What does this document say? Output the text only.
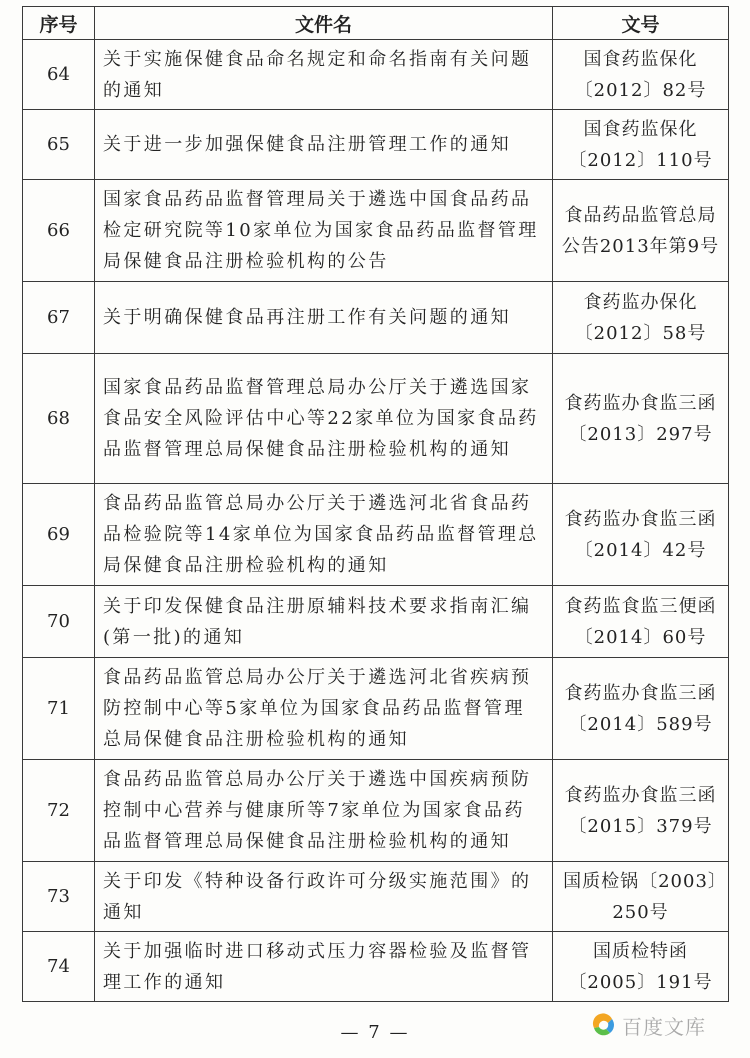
序号	文件名	文号
64	关于实施保健食品命名规定和命名指南有关问题的通知	国食药监保化〔2012〕82号
65	关于进一步加强保健食品注册管理工作的通知	国食药监保化〔2012〕110号
66	国家食品药品监督管理局关于遴选中国食品药品检定研究院等10家单位为国家食品药品监督管理局保健食品注册检验机构的公告	食品药品监管总局公告2013年第9号
67	关于明确保健食品再注册工作有关问题的通知	食药监办保化〔2012〕58号
68	国家食品药品监督管理总局办公厅关于遴选国家食品安全风险评估中心等22家单位为国家食品药品监督管理总局保健食品注册检验机构的通知	食药监办食监三函〔2013〕297号
69	食品药品监管总局办公厅关于遴选河北省食品药品检验院等14家单位为国家食品药品监督管理总局保健食品注册检验机构的通知	食药监办食监三函〔2014〕42号
70	关于印发保健食品注册原辅料技术要求指南汇编(第一批)的通知	食药监食监三便函〔2014〕60号
71	食品药品监管总局办公厅关于遴选河北省疾病预防控制中心等5家单位为国家食品药品监督管理总局保健食品注册检验机构的通知	食药监办食监三函〔2014〕589号
72	食品药品监管总局办公厅关于遴选中国疾病预防控制中心营养与健康所等7家单位为国家食品药品监督管理总局保健食品注册检验机构的通知	食药监办食监三函〔2015〕379号
73	关于印发《特种设备行政许可分级实施范围》的通知	国质检锅〔2003〕250号
74	关于加强临时进口移动式压力容器检验及监督管理工作的通知	国质检特函〔2005〕191号
百度文库
— 7 —
